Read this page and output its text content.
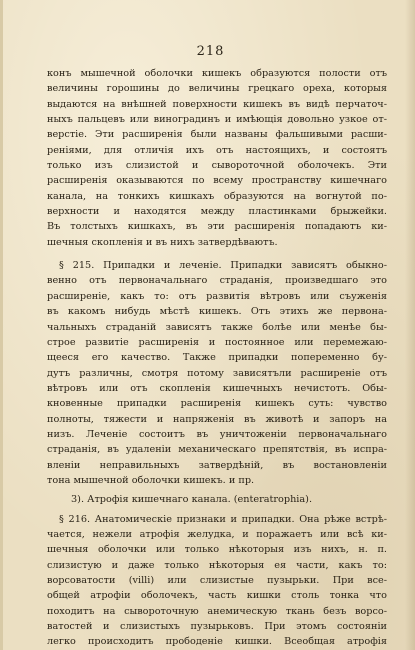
218
конъ мышечной оболочки кишекъ образуются полости отъ
величины горошины до величины грецкаго ореха, которыя
выдаются на внѣшней поверхности кишекъ въ видѣ перчаточ-
ныхъ пальцевъ или виноградинъ и имѣющія довольно узкое от-
верстіе. Эти расширенія были названы фальшивыми расши-
реніями, для отличія ихъ отъ настоящихъ, и состоятъ
только изъ слизистой и сывороточной оболочекъ. Эти
расширенія оказываются по всему пространству кишечнаго
канала, на тонкихъ кишкахъ образуются на вогнутой по-
верхности и находятся между пластинками брыжейки.
Въ толстыхъ кишкахъ, въ эти расширенія попадаютъ ки-
шечныя скопленія и въ нихъ затвердѣваютъ.
§ 215. Припадки и леченіе. Припадки зависятъ обыкно-
венно отъ первоначальнаго страданія, произведшаго это
расширеніе, какъ то: отъ развитія вѣтровъ или съуженія
въ какомъ нибудь мѣстѣ кишекъ. Отъ этихъ же первона-
чальныхъ страданій зависятъ также болѣе или менѣе бы-
строе развитіе расширенія и постоянное или перемежаю-
щееся его качество. Также припадки попеременно бу-
дутъ различны, смотря потому зависятъли расширеніе отъ
вѣтровъ или отъ скопленія кишечныхъ нечистотъ. Обы-
кновенные припадки расширенія кишекъ суть: чувство
полноты, тяжести и напряженія въ животѣ и запоръ на
низъ. Леченіе состоитъ въ уничтоженіи первоначальнаго
страданія, въ удаленіи механическаго препятствія, въ испра-
вленіи неправильныхъ затвердѣній, въ востановленіи
тона мышечной оболочки кишекъ. и пр.
3). Атрофія кишечнаго канала. (enteratrophia).
§ 216. Анатомическіе признаки и припадки. Она рѣже встрѣ-
чается, нежели атрофія желудка, и поражаетъ или всѣ ки-
шечныя оболочки или только нѣкоторыя изъ нихъ, н. п.
слизистую и даже только нѣкоторыя ея части, какъ то:
ворсоватости (villi) или слизистые пузырьки. При все-
общей атрофіи оболочекъ, часть кишки столь тонка что
походитъ на сывороточную анемическую ткань безъ ворсо-
ватостей и слизистыхъ пузырьковъ. При этомъ состояніи
легко происходитъ прободеніе кишки. Всеобщая атрофія
